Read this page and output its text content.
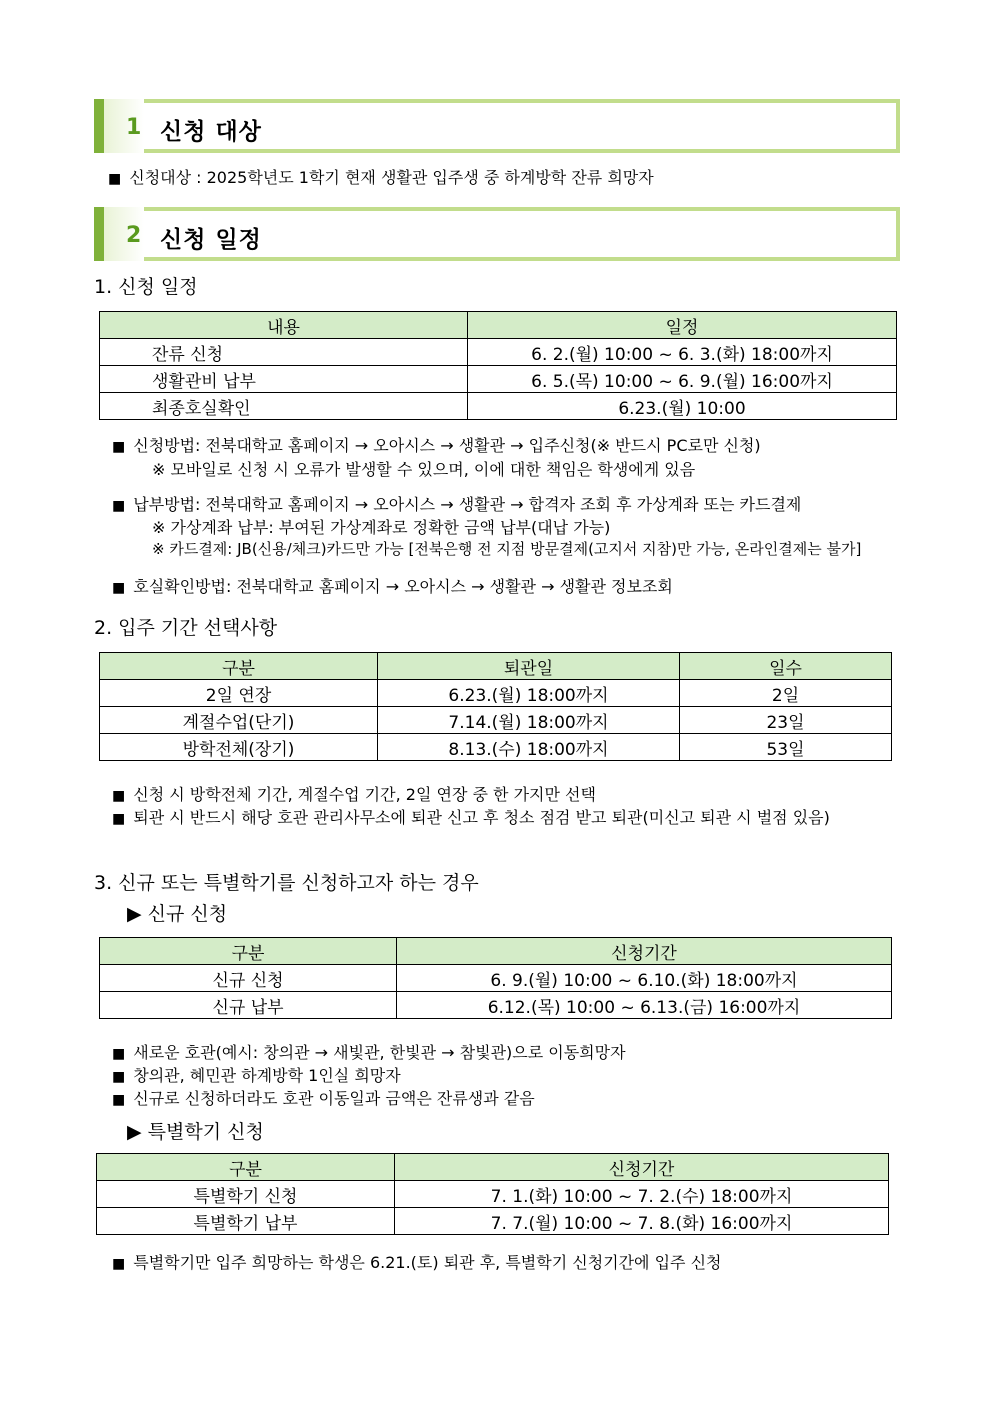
1 신청 대상
■ 신청대상 : 2025학년도 1학기 현재 생활관 입주생 중 하계방학 잔류 희망자
2 신청 일정
1. 신청 일정
내용	일정
잔류 신청	6. 2.(월) 10:00 ~ 6. 3.(화) 18:00까지
생활관비 납부	6. 5.(목) 10:00 ~ 6. 9.(월) 16:00까지
최종호실확인	6.23.(월) 10:00
■ 신청방법: 전북대학교 홈페이지 → 오아시스 → 생활관 → 입주신청(※ 반드시 PC로만 신청)
※ 모바일로 신청 시 오류가 발생할 수 있으며, 이에 대한 책임은 학생에게 있음
■ 납부방법: 전북대학교 홈페이지 → 오아시스 → 생활관 → 합격자 조회 후 가상계좌 또는 카드결제
※ 가상계좌 납부: 부여된 가상계좌로 정확한 금액 납부(대납 가능)
※ 카드결제: JB(신용/체크)카드만 가능 [전북은행 전 지점 방문결제(고지서 지참)만 가능, 온라인결제는 불가]
■ 호실확인방법: 전북대학교 홈페이지 → 오아시스 → 생활관 → 생활관 정보조회
2. 입주 기간 선택사항
구분	퇴관일	일수
2일 연장	6.23.(월) 18:00까지	2일
계절수업(단기)	7.14.(월) 18:00까지	23일
방학전체(장기)	8.13.(수) 18:00까지	53일
■ 신청 시 방학전체 기간, 계절수업 기간, 2일 연장 중 한 가지만 선택
■ 퇴관 시 반드시 해당 호관 관리사무소에 퇴관 신고 후 청소 점검 받고 퇴관(미신고 퇴관 시 벌점 있음)
3. 신규 또는 특별학기를 신청하고자 하는 경우
▶ 신규 신청
구분	신청기간
신규 신청	6. 9.(월) 10:00 ~ 6.10.(화) 18:00까지
신규 납부	6.12.(목) 10:00 ~ 6.13.(금) 16:00까지
■ 새로운 호관(예시: 창의관 → 새빛관, 한빛관 → 참빛관)으로 이동희망자
■ 창의관, 혜민관 하계방학 1인실 희망자
■ 신규로 신청하더라도 호관 이동일과 금액은 잔류생과 같음
▶ 특별학기 신청
구분	신청기간
특별학기 신청	7. 1.(화) 10:00 ~ 7. 2.(수) 18:00까지
특별학기 납부	7. 7.(월) 10:00 ~ 7. 8.(화) 16:00까지
■ 특별학기만 입주 희망하는 학생은 6.21.(토) 퇴관 후, 특별학기 신청기간에 입주 신청
